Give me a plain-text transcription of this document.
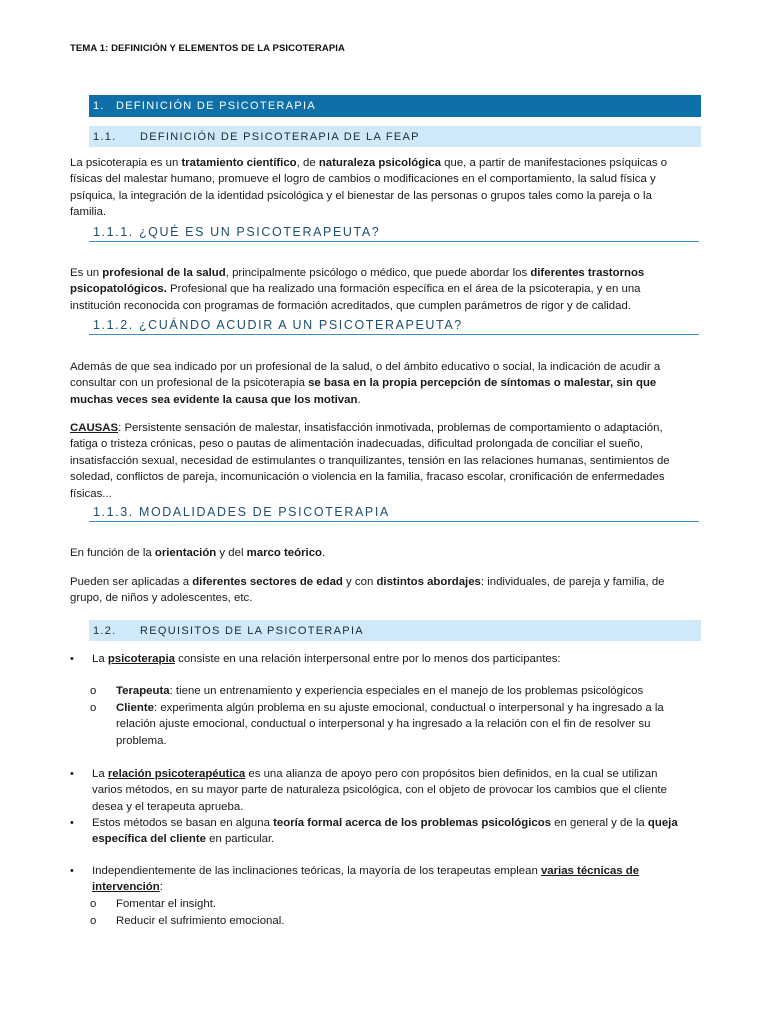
TEMA 1: DEFINICIÓN Y ELEMENTOS DE LA PSICOTERAPIA
1.	DEFINICIÓN DE PSICOTERAPIA
1.1.	DEFINICIÓN DE PSICOTERAPIA DE LA FEAP

La psicoterapia es un tratamiento científico, de naturaleza psicológica que, a partir de manifestaciones psíquicas o físicas del malestar humano, promueve el logro de cambios o modificaciones en el comportamiento, la salud física y psíquica, la integración de la identidad psicológica y el bienestar de las personas o grupos tales como la pareja o la familia.

1.1.1. ¿QUÉ ES UN PSICOTERAPEUTA?

Es un profesional de la salud, principalmente psicólogo o médico, que puede abordar los diferentes trastornos psicopatológicos. Profesional que ha realizado una formación específica en el área de la psicoterapia, y en una institución reconocida con programas de formación acreditados, que cumplen parámetros de rigor y de calidad.

1.1.2. ¿CUÁNDO ACUDIR A UN PSICOTERAPEUTA?

Además de que sea indicado por un profesional de la salud, o del ámbito educativo o social, la indicación de acudir a consultar con un profesional de la psicoterapia se basa en la propia percepción de síntomas o malestar, sin que muchas veces sea evidente la causa que los motivan.

CAUSAS: Persistente sensación de malestar, insatisfacción inmotivada, problemas de comportamiento o adaptación, fatiga o tristeza crónicas, peso o pautas de alimentación inadecuadas, dificultad prolongada de conciliar el sueño, insatisfacción sexual, necesidad de estimulantes o tranquilizantes, tensión en las relaciones humanas, sentimientos de soledad, conflictos de pareja, incomunicación o violencia en la familia, fracaso escolar, cronificación de enfermedades físicas...

1.1.3. MODALIDADES DE PSICOTERAPIA

En función de la orientación y del marco teórico.

Pueden ser aplicadas a diferentes sectores de edad y con distintos abordajes: individuales, de pareja y familia, de grupo, de niños y adolescentes, etc.

1.2.	REQUISITOS DE LA PSICOTERAPIA
•	La psicoterapia consiste en una relación interpersonal entre por lo menos dos participantes:
o Terapeuta: tiene un entrenamiento y experiencia especiales en el manejo de los problemas psicológicos
o Cliente: experimenta algún problema en su ajuste emocional, conductual o interpersonal y ha ingresado a la relación ajuste emocional, conductual o interpersonal y ha ingresado a la relación con el fin de resolver su problema.
•	La relación psicoterapéutica es una alianza de apoyo pero con propósitos bien definidos, en la cual se utilizan varios métodos, en su mayor parte de naturaleza psicológica, con el objeto de provocar los cambios que el cliente desea y el terapeuta aprueba.
•	Estos métodos se basan en alguna teoría formal acerca de los problemas psicológicos en general y de la queja específica del cliente en particular.
•	Independientemente de las inclinaciones teóricas, la mayoría de los terapeutas emplean varias técnicas de intervención:
o Fomentar el insight.
o Reducir el sufrimiento emocional.
